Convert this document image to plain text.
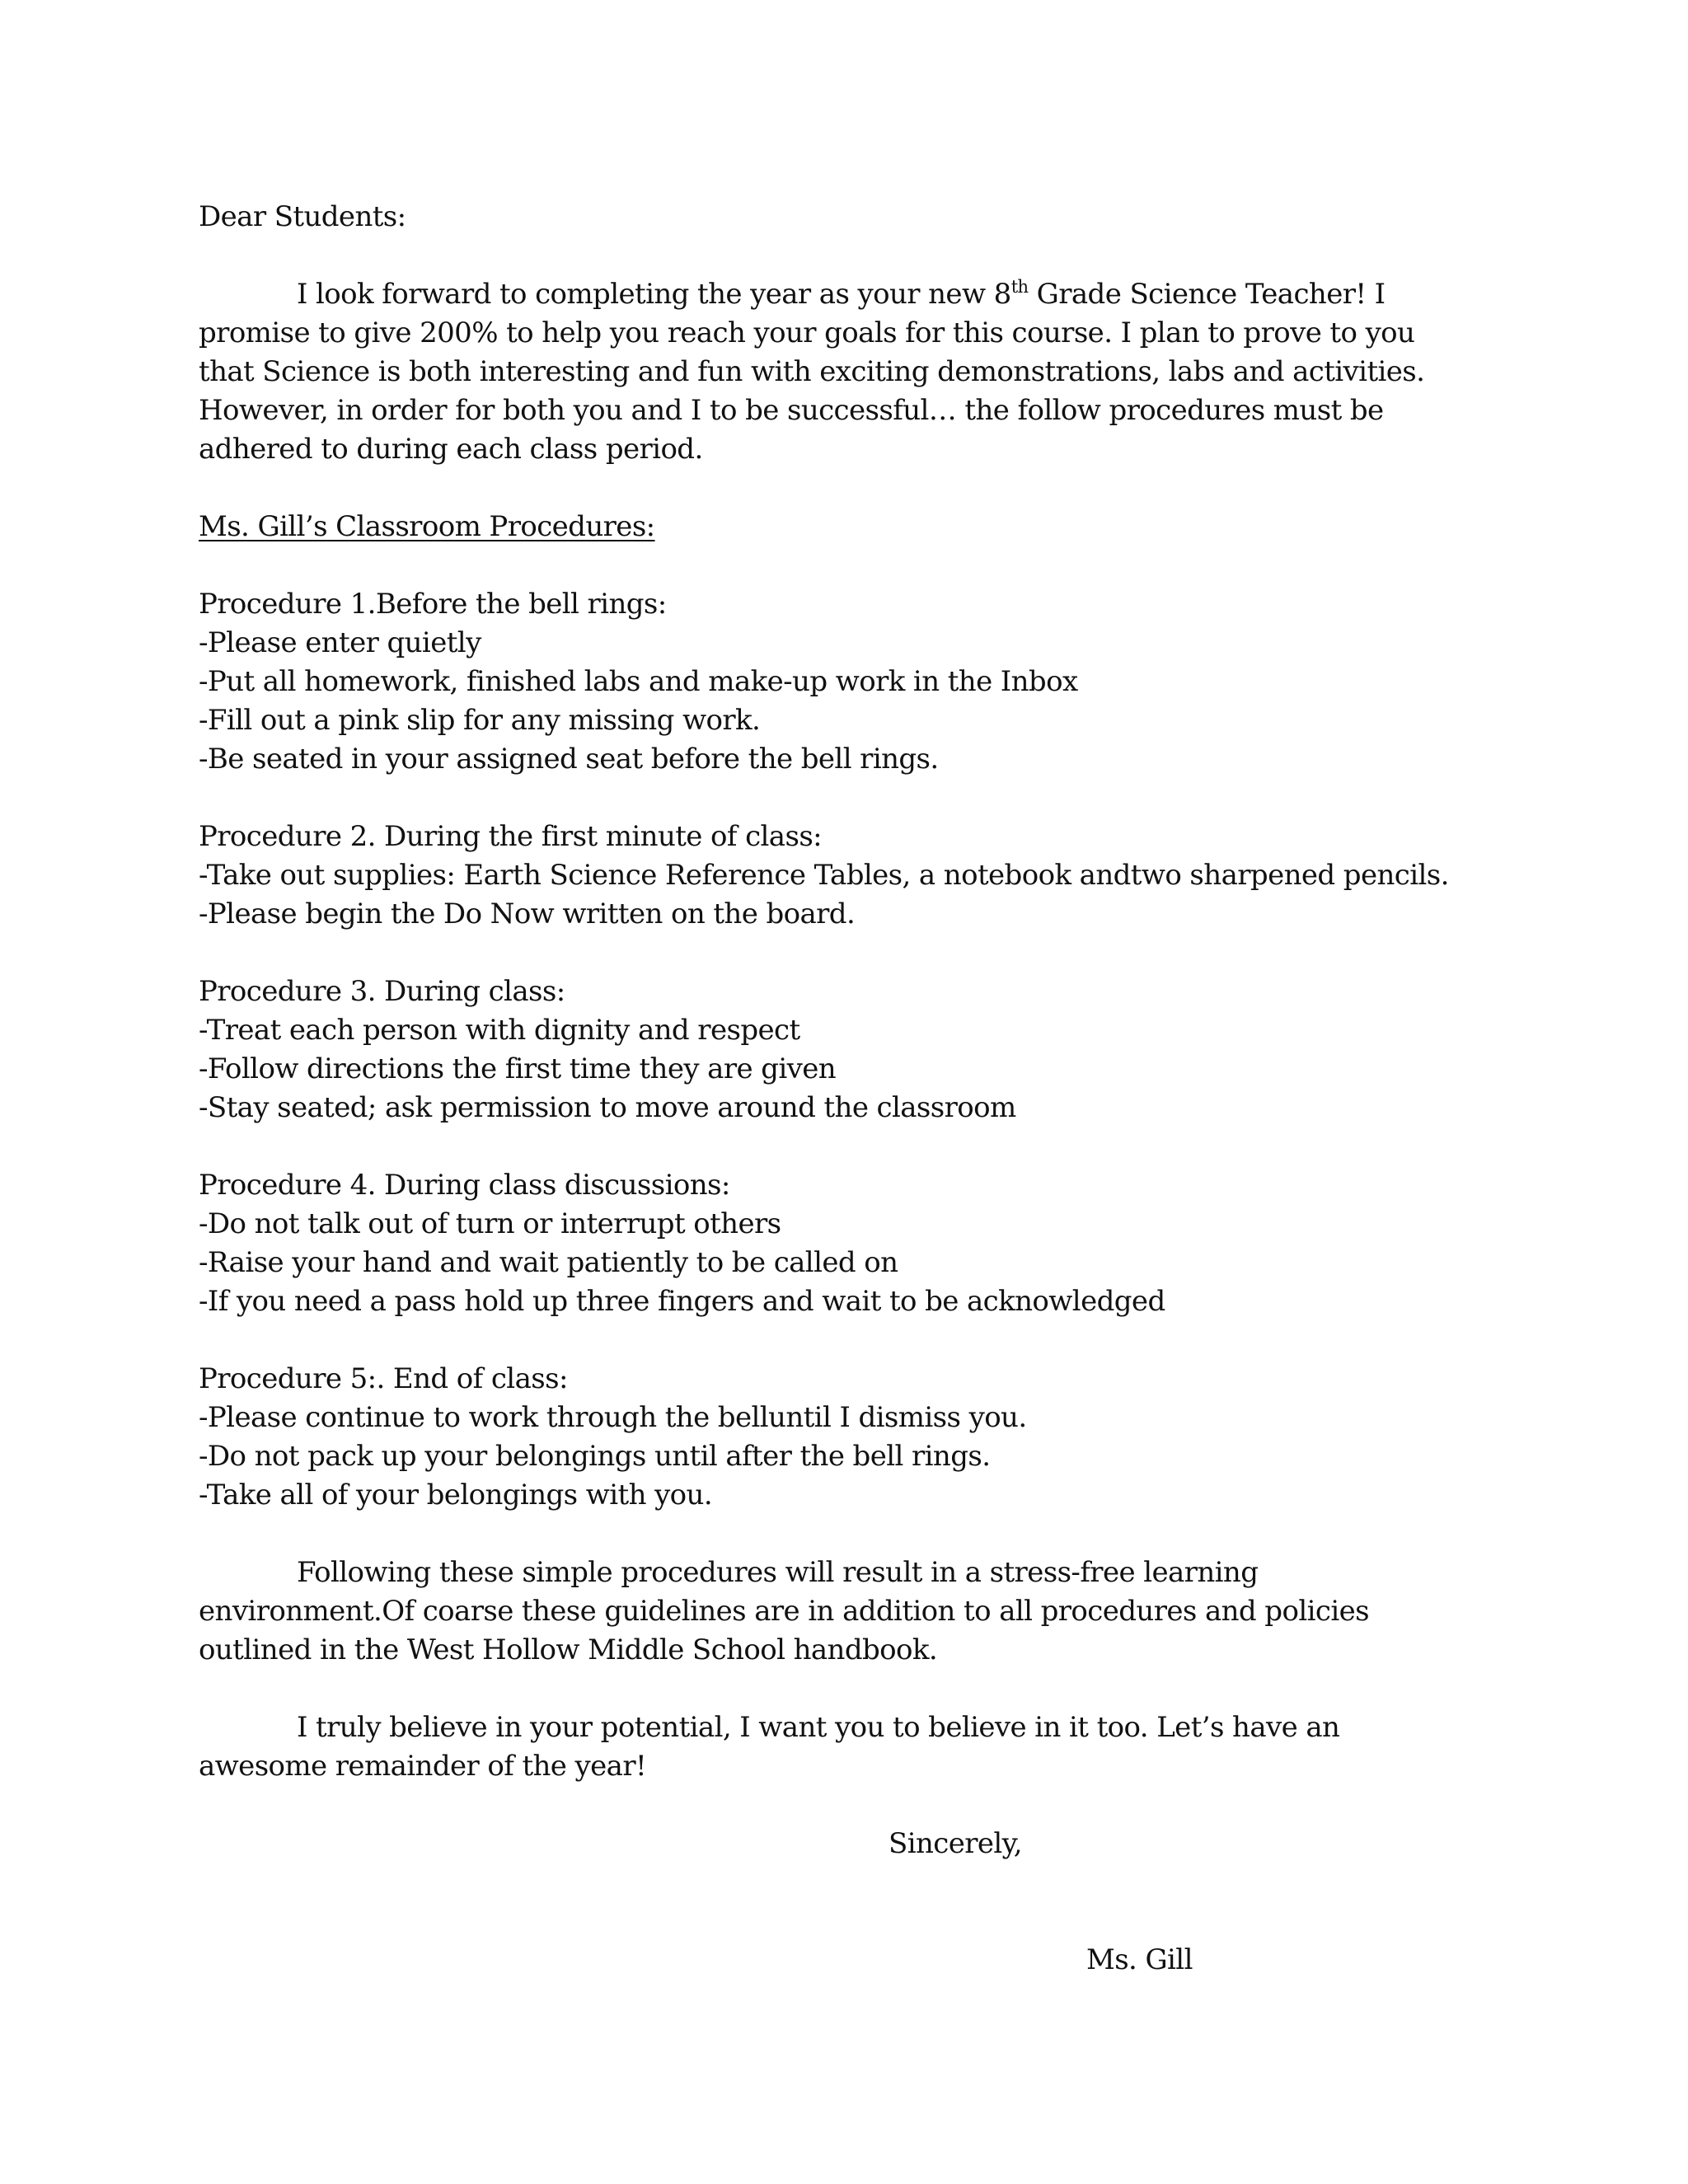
Dear Students:
I look forward to completing the year as your new 8th Grade Science Teacher! I
promise to give 200% to help you reach your goals for this course. I plan to prove to you
that Science is both interesting and fun with exciting demonstrations, labs and activities.
However, in order for both you and I to be successful… the follow procedures must be
adhered to during each class period.
Ms. Gill’s Classroom Procedures:
Procedure 1.Before the bell rings:
-Please enter quietly
-Put all homework, finished labs and make-up work in the Inbox
-Fill out a pink slip for any missing work.
-Be seated in your assigned seat before the bell rings.
Procedure 2. During the first minute of class:
-Take out supplies: Earth Science Reference Tables, a notebook andtwo sharpened pencils.
-Please begin the Do Now written on the board.
Procedure 3. During class:
-Treat each person with dignity and respect
-Follow directions the first time they are given
-Stay seated; ask permission to move around the classroom
Procedure 4. During class discussions:
-Do not talk out of turn or interrupt others
-Raise your hand and wait patiently to be called on
-If you need a pass hold up three fingers and wait to be acknowledged
Procedure 5:. End of class:
-Please continue to work through the belluntil I dismiss you.
-Do not pack up your belongings until after the bell rings.
-Take all of your belongings with you.
Following these simple procedures will result in a stress-free learning
environment.Of coarse these guidelines are in addition to all procedures and policies
outlined in the West Hollow Middle School handbook.
I truly believe in your potential, I want you to believe in it too. Let’s have an
awesome remainder of the year!
Sincerely,
Ms. Gill
